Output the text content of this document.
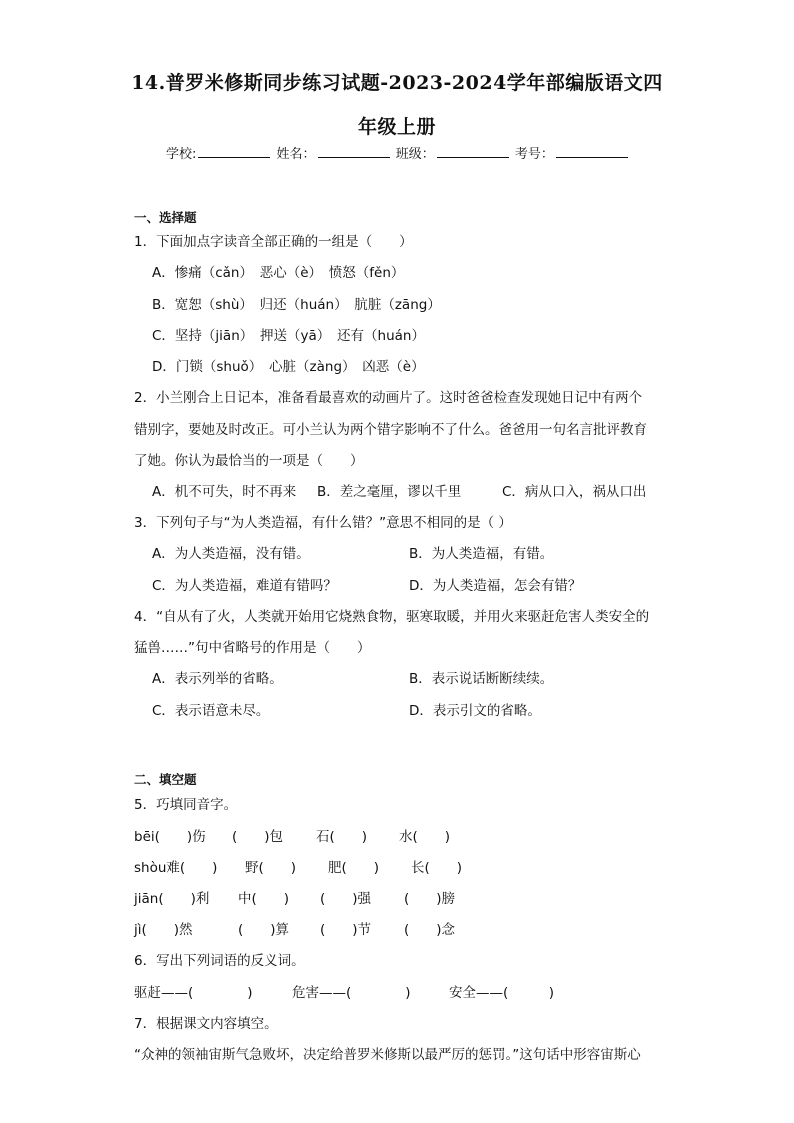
14.普罗米修斯同步练习试题-2023-2024学年部编版语文四
年级上册
学校:	姓名：	班级：	考号：
一、选择题
1．下面加点字读音全部正确的一组是（　　）
A．惨痛（cǎn）　恶心（è）　愤怒（fěn）
B．宽恕（shù）　归还（huán）　肮脏（zāng）
C．坚持（jiān）　押送（yā）　还有（huán）
D．门锁（shuǒ）　心脏（zàng）　凶恶（è）
2．小兰刚合上日记本，准备看最喜欢的动画片了。这时爸爸检查发现她日记中有两个
错别字，要她及时改正。可小兰认为两个错字影响不了什么。爸爸用一句名言批评教育
了她。你认为最恰当的一项是（　　）
A．机不可失，时不再来 B．差之毫厘，谬以千里	C．病从口入，祸从口出
3．下列句子与“为人类造福，有什么错？”意思不相同的是（ ）
A．为人类造福，没有错。	B．为人类造福，有错。
C．为人类造福，难道有错吗？	D．为人类造福，怎会有错？
4．“自从有了火，人类就开始用它烧熟食物，驱寒取暖，并用火来驱赶危害人类安全的
猛兽……”句中省略号的作用是（　　）
A．表示列举的省略。	B．表示说话断断续续。
C．表示语意未尽。	D．表示引文的省略。
二、填空题
5．巧填同音字。
bēi(　　)伤 (　　)包 石(　　) 水(　　)
shòu难(　　) 野(　　) 肥(　　) 长(　　)
jiān(　　)利 中(　　) (　　)强 (　　)膀
jì(　　)然	(　　)算 (　　)节 (　　)念
6．写出下列词语的反义词。
驱赶——(　　　　)	危害——(　　　　)	安全——(　　　)
7．根据课文内容填空。
“众神的领袖宙斯气急败坏，决定给普罗米修斯以最严厉的惩罚。”这句话中形容宙斯心
